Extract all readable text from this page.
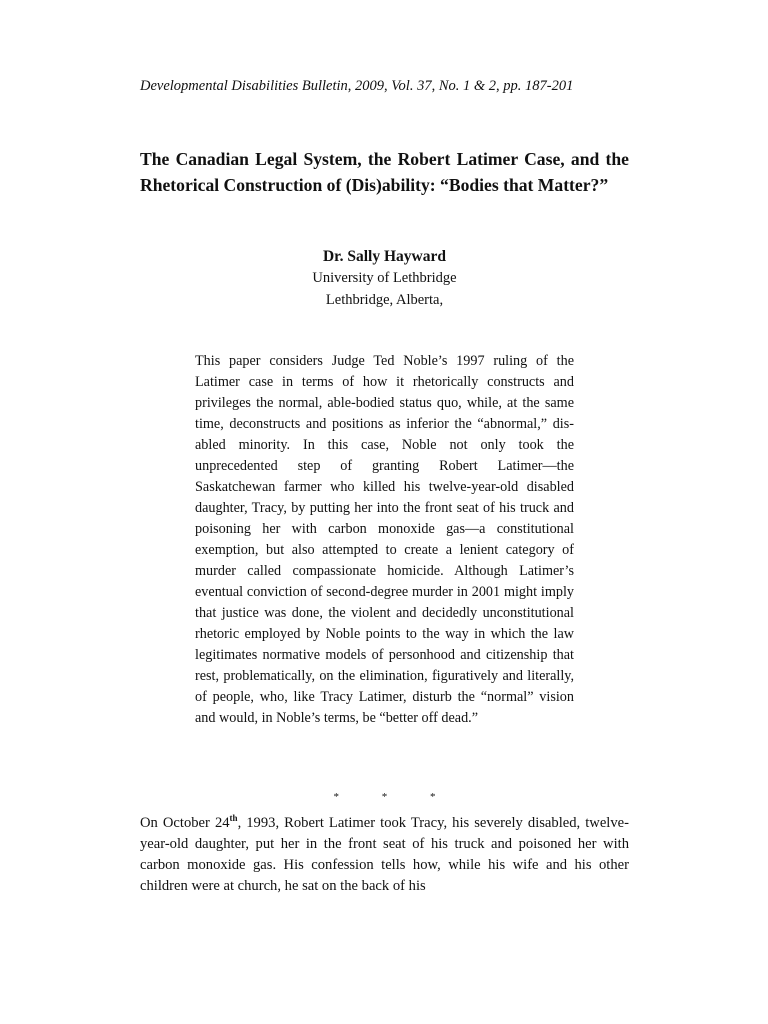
Developmental Disabilities Bulletin, 2009, Vol. 37, No. 1 & 2, pp. 187-201
The Canadian Legal System, the Robert Latimer Case, and the Rhetorical Construction of (Dis)ability: “Bodies that Matter?”
Dr. Sally Hayward
University of Lethbridge
Lethbridge, Alberta,

This paper considers Judge Ted Noble’s 1997 ruling of the Latimer case in terms of how it rhetorically constructs and privileges the normal, able-bodied status quo, while, at the same time, deconstructs and positions as inferior the “abnormal,” dis-abled minority. In this case, Noble not only took the unprecedented step of granting Robert Latimer—the Saskatchewan farmer who killed his twelve-year-old disabled daughter, Tracy, by putting her into the front seat of his truck and poisoning her with carbon monoxide gas—a constitutional exemption, but also attempted to create a lenient category of murder called compassionate homicide. Although Latimer’s eventual conviction of second-degree murder in 2001 might imply that justice was done, the violent and decidedly unconstitutional rhetoric employed by Noble points to the way in which the law legitimates normative models of personhood and citizenship that rest, problematically, on the elimination, figuratively and literally, of people, who, like Tracy Latimer, disturb the “normal” vision and would, in Noble’s terms, be “better off dead.”

* * *

On October 24th, 1993, Robert Latimer took Tracy, his severely disabled, twelve-year-old daughter, put her in the front seat of his truck and poisoned her with carbon monoxide gas. His confession tells how, while his wife and his other children were at church, he sat on the back of his
